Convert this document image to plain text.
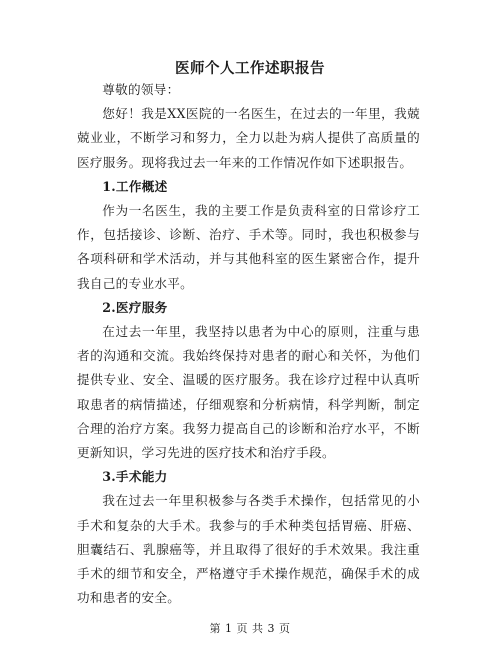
医师个人工作述职报告

尊敬的领导：

您好！我是XX医院的一名医生，在过去的一年里，我兢兢业业，不断学习和努力，全力以赴为病人提供了高质量的医疗服务。现将我过去一年来的工作情况作如下述职报告。

1.工作概述

作为一名医生，我的主要工作是负责科室的日常诊疗工作，包括接诊、诊断、治疗、手术等。同时，我也积极参与各项科研和学术活动，并与其他科室的医生紧密合作，提升我自己的专业水平。

2.医疗服务

在过去一年里，我坚持以患者为中心的原则，注重与患者的沟通和交流。我始终保持对患者的耐心和关怀，为他们提供专业、安全、温暖的医疗服务。我在诊疗过程中认真听取患者的病情描述，仔细观察和分析病情，科学判断，制定合理的治疗方案。我努力提高自己的诊断和治疗水平，不断更新知识，学习先进的医疗技术和治疗手段。

3.手术能力

我在过去一年里积极参与各类手术操作，包括常见的小手术和复杂的大手术。我参与的手术种类包括胃癌、肝癌、胆囊结石、乳腺癌等，并且取得了很好的手术效果。我注重手术的细节和安全，严格遵守手术操作规范，确保手术的成功和患者的安全。

第 1 页 共 3 页
